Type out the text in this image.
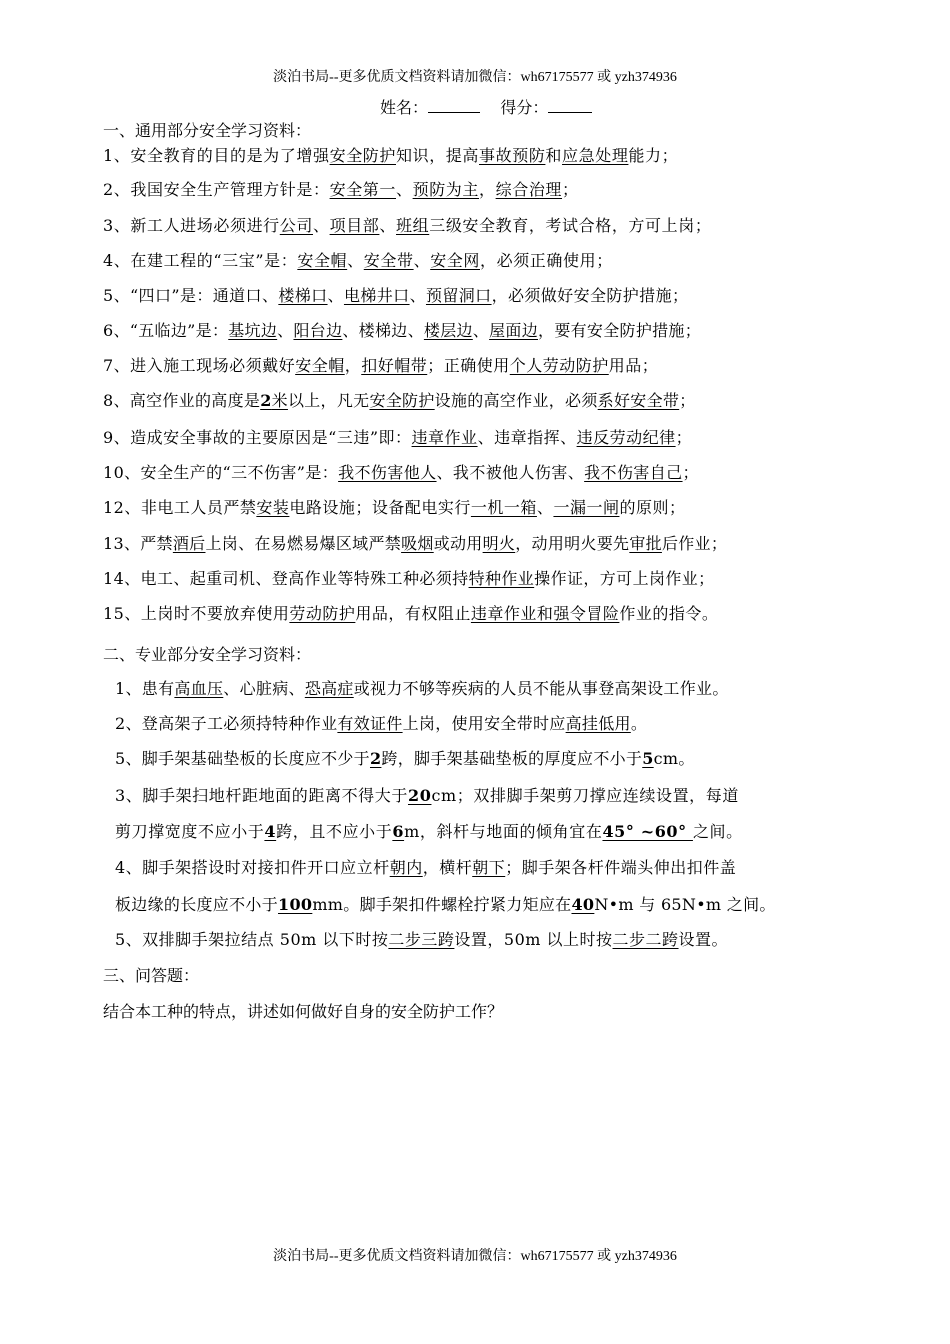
淡泊书局--更多优质文档资料请加微信：wh67175577 或 yzh374936
姓名：	得分：
一、通用部分安全学习资料：
1、安全教育的目的是为了增强安全防护知识，提高事故预防和应急处理能力；
2、我国安全生产管理方针是：安全第一、预防为主，综合治理；
3、新工人进场必须进行公司、项目部、班组三级安全教育，考试合格，方可上岗；
4、在建工程的“三宝”是：安全帽、安全带、安全网，必须正确使用；
5、“四口”是：通道口、楼梯口、电梯井口、预留洞口，必须做好安全防护措施；
6、“五临边”是：基坑边、阳台边、楼梯边、楼层边、屋面边，要有安全防护措施；
7、进入施工现场必须戴好安全帽，扣好帽带；正确使用个人劳动防护用品；
8、高空作业的高度是2米以上，凡无安全防护设施的高空作业，必须系好安全带；
9、造成安全事故的主要原因是“三违”即：违章作业、违章指挥、违反劳动纪律；
10、安全生产的“三不伤害”是：我不伤害他人、我不被他人伤害、我不伤害自己；
12、非电工人员严禁安装电路设施；设备配电实行一机一箱、一漏一闸的原则；
13、严禁酒后上岗、在易燃易爆区域严禁吸烟或动用明火，动用明火要先审批后作业；
14、电工、起重司机、登高作业等特殊工种必须持特种作业操作证，方可上岗作业；
15、上岗时不要放弃使用劳动防护用品，有权阻止违章作业和强令冒险作业的指令。
二、专业部分安全学习资料：
1、患有高血压、心脏病、恐高症或视力不够等疾病的人员不能从事登高架设工作业。
2、登高架子工必须持特种作业有效证件上岗，使用安全带时应高挂低用。
5、脚手架基础垫板的长度应不少于2跨，脚手架基础垫板的厚度应不小于5cm。
3、脚手架扫地杆距地面的距离不得大于20cm；双排脚手架剪刀撑应连续设置，每道
剪刀撑宽度不应小于4跨，且不应小于6m，斜杆与地面的倾角宜在45° ~60° 之间。
4、脚手架搭设时对接扣件开口应立杆朝内，横杆朝下；脚手架各杆件端头伸出扣件盖
板边缘的长度应不小于100mm。脚手架扣件螺栓拧紧力矩应在40N•m 与 65N•m 之间。
5、双排脚手架拉结点 50m 以下时按二步三跨设置，50m 以上时按二步二跨设置。
三、问答题：
结合本工种的特点，讲述如何做好自身的安全防护工作？
淡泊书局--更多优质文档资料请加微信：wh67175577 或 yzh374936
